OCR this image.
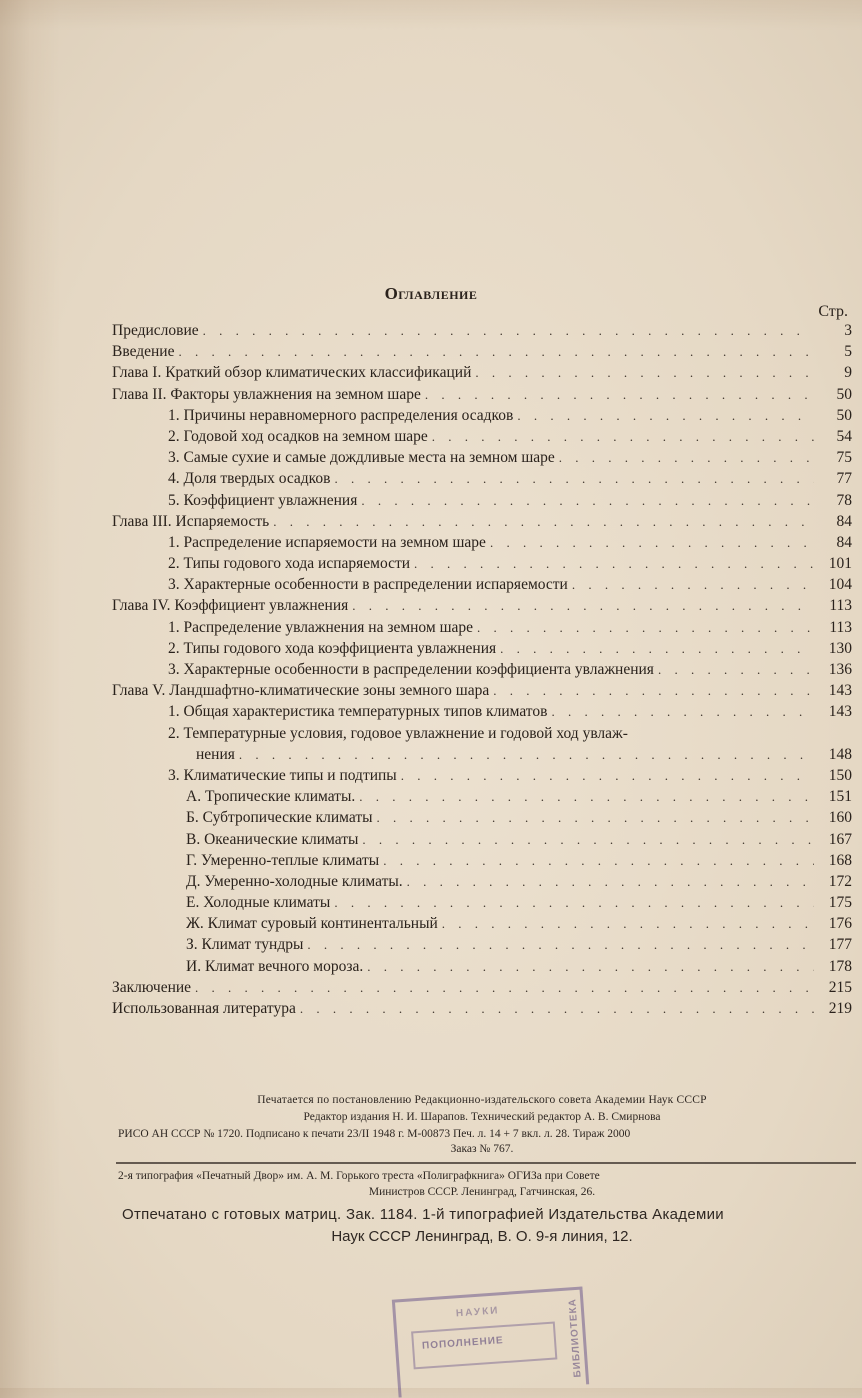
Оглавление
Стр.
Предисловие . . .	3
Введение . . .	5
Глава I. Краткий обзор климатических классификаций . . .	9
Глава II. Факторы увлажнения на земном шаре . . .	50
1. Причины неравномерного распределения осадков . . .	50
2. Годовой ход осадков на земном шаре . . .	54
3. Самые сухие и самые дождливые места на земном шаре . . .	75
4. Доля твердых осадков . . .	77
5. Коэффициент увлажнения . . .	78
Глава III. Испаряемость . . .	84
1. Распределение испаряемости на земном шаре . . .	84
2. Типы годового хода испаряемости . . .	101
3. Характерные особенности в распределении испаряемости . . .	104
Глава IV. Коэффициент увлажнения . . .	113
1. Распределение увлажнения на земном шаре . . .	113
2. Типы годового хода коэффициента увлажнения . . .	130
3. Характерные особенности в распределении коэффициента увлажнения . . .	136
Глава V. Ландшафтно-климатические зоны земного шара . . .	143
1. Общая характеристика температурных типов климатов . . .	143
2. Температурные условия, годовое увлажнение и годовой ход увлаж-
нения . . .	148
3. Климатические типы и подтипы . . .	150
А. Тропические климаты. . . .	151
Б. Субтропические климаты . . .	160
В. Океанические климаты . . .	167
Г. Умеренно-теплые климаты . . .	168
Д. Умеренно-холодные климаты. . . .	172
Е. Холодные климаты . . .	175
Ж. Климат суровый континентальный . . .	176
З. Климат тундры . . .	177
И. Климат вечного мороза. . . .	178
Заключение . . .	215
Использованная литература . . .	219
Печатается по постановлению Редакционно-издательского совета Академии Наук СССР
Редактор издания Н. И. Шарапов. Технический редактор А. В. Смирнова
РИСО АН СССР № 1720. Подписано к печати 23/II 1948 г. М-00873 Печ. л. 14 + 7 вкл. л. 28. Тираж 2000
Заказ № 767.
2-я типография «Печатный Двор» им. А. М. Горького треста «Полиграфкнига» ОГИЗа при Совете
Министров СССР. Ленинград, Гатчинская, 26.
Отпечатано с готовых матриц. Зак. 1184. 1-й типографией Издательства Академии
Наук СССР Ленинград, В. О. 9-я линия, 12.
НАУКИ
ПОПОЛНЕНИЕ	БИБЛИОТЕКА
